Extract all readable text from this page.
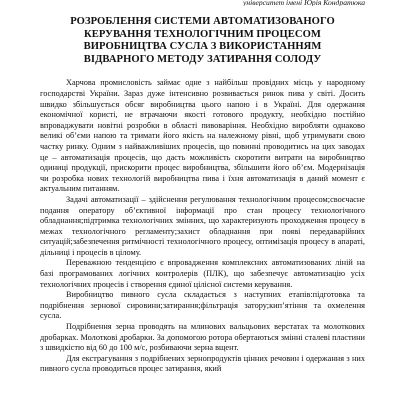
університет імені Юрія Кондратюка
РОЗРОБЛЕННЯ СИСТЕМИ АВТОМАТИЗОВАНОГО
КЕРУВАННЯ ТЕХНОЛОГІЧНИМ ПРОЦЕСОМ
ВИРОБНИЦТВА СУСЛА З ВИКОРИСТАННЯМ
ВІДВАРНОГО МЕТОДУ ЗАТИРАННЯ СОЛОДУ

Харчова промисловість займає одне з найбільш провідних місць у народному господарстві України. Зараз дуже інтенсивно розвивається ринок пива у світі. Досить швидко збільшується обсяг виробництва цього напою і в Україні. Для одержання економічної користі, не втрачаючи якості готового продукту, необхідно постійно впроваджувати новітні розробки в області пивоваріння. Необхідно виробляти однаково великі об’єми напою та тримати його якість на належному рівні, щоб утримувати свою частку ринку. Одним з найважливіших процесів, що повинні проводитись на цих заводах це – автоматизація процесів, що дасть можливість скоротити витрати на виробництво одиниці продукції, прискорити процес виробництва, збільшити його об’єм. Модернізація чи розробка нових технологій виробництва пива і їхня автоматизація в даний момент є актуальним питанням.

Задачі автоматизації – здійснення регулювання технологічним процесом;своєчасне подання оператору об’єктивної інформації про стан процесу технологічного обладнання;підтримка технологічних змінних, що характеризують проходження процесу в межах технологічного регламенту;захист обладнання при появі передаварійних ситуацій;забезпечення ритмічності технологічного процесу, оптимізація процесу в апараті, дільниці і процесів в цілому.

Переважною тенденцією є впровадження комплексних автоматизованих ліній на базі програмованих логічних контролерів (ПЛК), що забезпечує автоматизацію усіх технологічних процесів і створення єдиної цілісної системи керування.

Виробництво пивного сусла складається з наступних етапів:підготовка та подрібнення зернової сировини;затирання;фільтрація затору;кип’ятіння та охмелення сусла.

Подрібнення зерна проводять на млинових вальцьових верстатах та молоткових дробарках. Молоткові дробарки. За допомогою ротора обертаються змінні сталеві пластини з швидкістю від 60 до 100 м/с, розбиваючи зерна вщент.

Для екстрагування з подрібнених зернопродуктів цінних речовин і одержання з них пивного сусла проводиться процес затирання, який
